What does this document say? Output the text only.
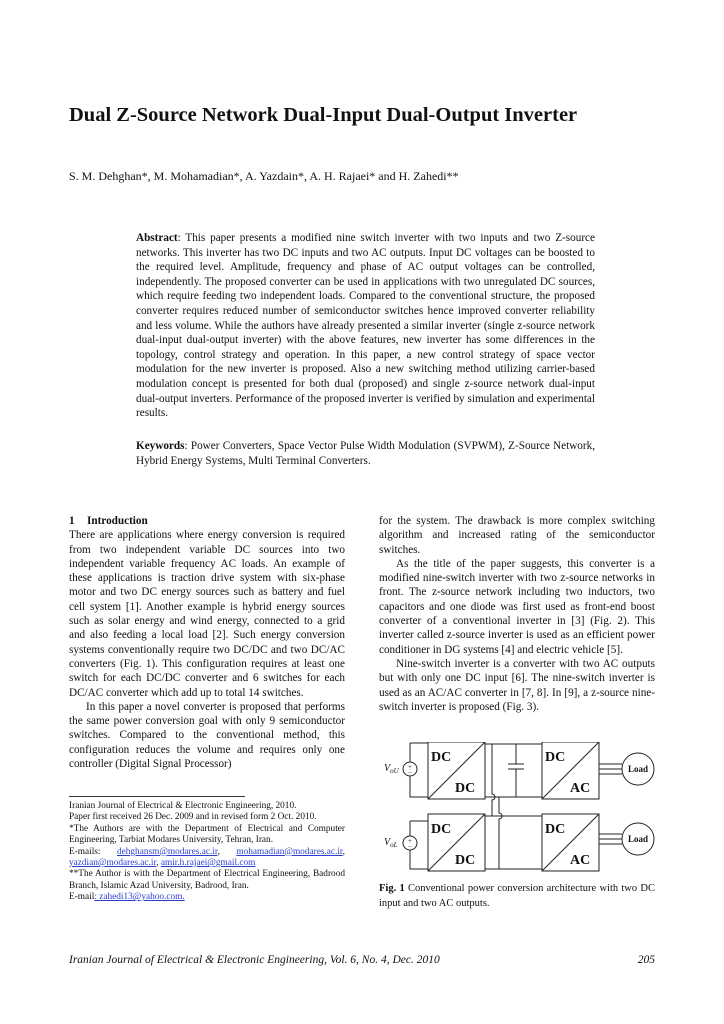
Dual Z-Source Network Dual-Input Dual-Output Inverter
S. M. Dehghan*, M. Mohamadian*, A. Yazdain*, A. H. Rajaei* and H. Zahedi**
Abstract: This paper presents a modified nine switch inverter with two inputs and two Z-source networks. This inverter has two DC inputs and two AC outputs. Input DC voltages can be boosted to the required level. Amplitude, frequency and phase of AC output voltages can be controlled, independently. The proposed converter can be used in applications with two unregulated DC sources, which require feeding two independent loads. Compared to the conventional structure, the proposed converter requires reduced number of semiconductor switches hence improved converter reliability and less volume. While the authors have already presented a similar inverter (single z-source network dual-input dual-output inverter) with the above features, new inverter has some differences in the topology, control strategy and operation. In this paper, a new control strategy of space vector modulation for the new inverter is proposed. Also a new switching method utilizing carrier-based modulation concept is presented for both dual (proposed) and single z-source network dual-input dual-output inverters. Performance of the proposed inverter is verified by simulation and experimental results.
Keywords: Power Converters, Space Vector Pulse Width Modulation (SVPWM), Z-Source Network, Hybrid Energy Systems, Multi Terminal Converters.

1 Introduction

There are applications where energy conversion is required from two independent variable DC sources into two independent variable frequency AC loads. An example of these applications is traction drive system with six-phase motor and two DC energy sources such as battery and fuel cell system [1]. Another example is hybrid energy sources such as solar energy and wind energy, connected to a grid and also feeding a local load [2]. Such energy conversion systems conventionally require two DC/DC and two DC/AC converters (Fig. 1). This configuration requires at least one switch for each DC/DC converter and 6 switches for each DC/AC converter which add up to total 14 switches.

In this paper a novel converter is proposed that performs the same power conversion goal with only 9 semiconductor switches. Compared to the conventional method, this configuration reduces the volume and requires only one controller (Digital Signal Processor)

Iranian Journal of Electrical & Electronic Engineering, 2010.

Paper first received 26 Dec. 2009 and in revised form 2 Oct. 2010.

*The Authors are with the Department of Electrical and Computer Engineering, Tarbiat Modares University, Tehran, Iran.

E-mails: dehghansm@modares.ac.ir, mohamadian@modares.ac.ir, yazdian@modares.ac.ir, amir.h.rajaei@gmail.com

**The Author is with the Department of Electrical Engineering, Badrood Branch, Islamic Azad University, Badrood, Iran.

E-mail: zahedi13@yahoo.com.

for the system. The drawback is more complex switching algorithm and increased rating of the semiconductor switches.

As the title of the paper suggests, this converter is a modified nine-switch inverter with two z-source networks in front. The z-source network including two inductors, two capacitors and one diode was first used as front-end boost converter of a conventional inverter in [3] (Fig. 2). This inverter called z-source inverter is used as an efficient power conditioner in DG systems [4] and electric vehicle [5].

Nine-switch inverter is a converter with two AC outputs but with only one DC input [6]. The nine-switch inverter is used as an AC/AC converter in [7, 8]. In [9], a z-source nine-switch inverter is proposed (Fig. 3).

DC
DC
DC
DC
DC
AC
DC
AC
Load
Load
+
−
+
−
$V_{oU}$
$V_{oL}$
Fig. 1 Conventional power conversion architecture with two DC input and two AC outputs.
Iranian Journal of Electrical & Electronic Engineering, Vol. 6, No. 4, Dec. 2010	205
